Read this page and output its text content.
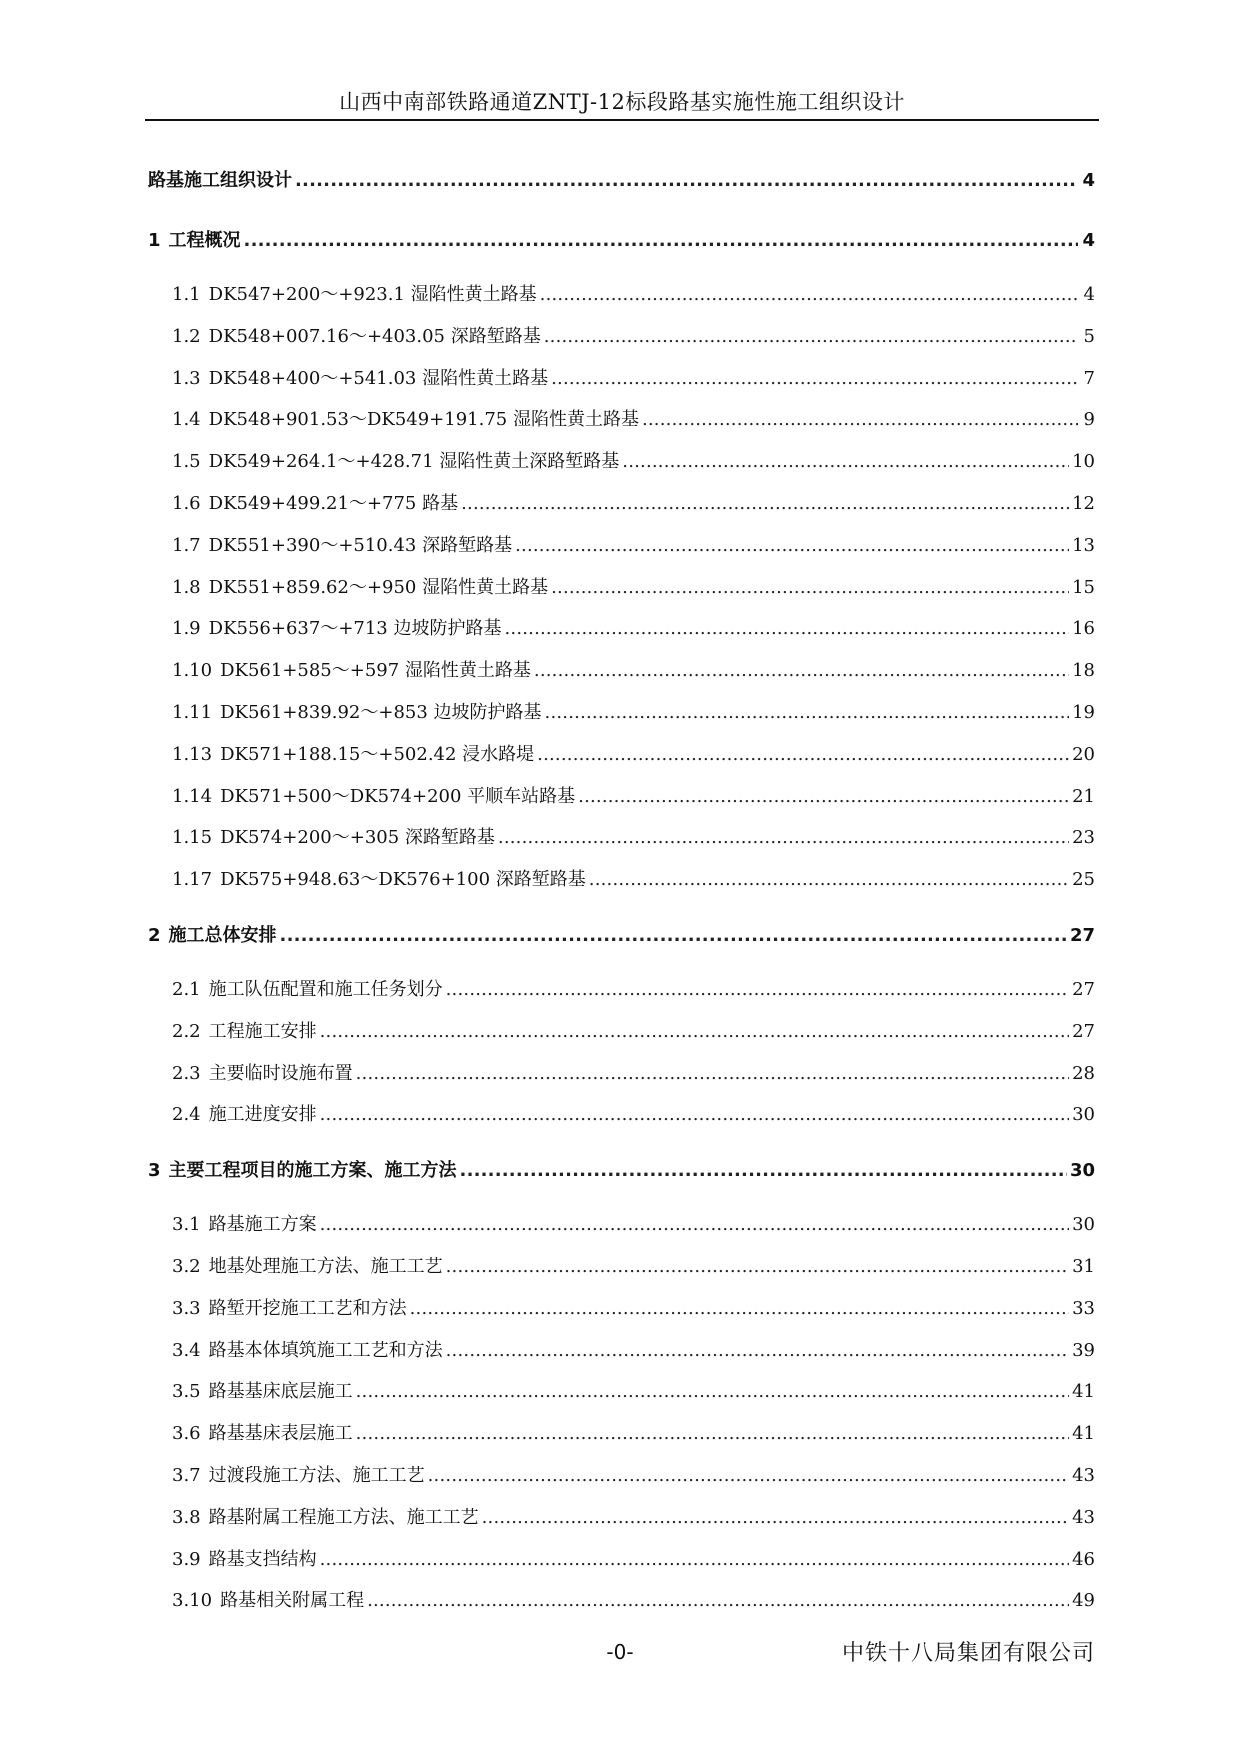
山西中南部铁路通道ZNTJ-12标段路基实施性施工组织设计
路基施工组织设计 .....	4
1 工程概况 .....	4
1.1 DK547+200～+923.1 湿陷性黄土路基 .....	4
1.2 DK548+007.16～+403.05 深路堑路基 .....	5
1.3 DK548+400～+541.03 湿陷性黄土路基 .....	7
1.4 DK548+901.53～DK549+191.75 湿陷性黄土路基 .....	9
1.5 DK549+264.1～+428.71 湿陷性黄土深路堑路基 .....	10
1.6 DK549+499.21～+775 路基 .....	12
1.7 DK551+390～+510.43 深路堑路基 .....	13
1.8 DK551+859.62～+950 湿陷性黄土路基 .....	15
1.9 DK556+637～+713 边坡防护路基 .....	16
1.10 DK561+585～+597 湿陷性黄土路基 .....	18
1.11 DK561+839.92～+853 边坡防护路基 .....	19
1.13 DK571+188.15～+502.42 浸水路堤 .....	20
1.14 DK571+500～DK574+200 平顺车站路基 .....	21
1.15 DK574+200～+305 深路堑路基 .....	23
1.17 DK575+948.63～DK576+100 深路堑路基 .....	25
2 施工总体安排 .....	27
2.1 施工队伍配置和施工任务划分 .....	27
2.2 工程施工安排 .....	27
2.3 主要临时设施布置 .....	28
2.4 施工进度安排 .....	30
3 主要工程项目的施工方案、施工方法 .....	30
3.1 路基施工方案 .....	30
3.2 地基处理施工方法、施工工艺 .....	31
3.3 路堑开挖施工工艺和方法 .....	33
3.4 路基本体填筑施工工艺和方法 .....	39
3.5 路基基床底层施工 .....	41
3.6 路基基床表层施工 .....	41
3.7 过渡段施工方法、施工工艺 .....	43
3.8 路基附属工程施工方法、施工工艺 .....	43
3.9 路基支挡结构 .....	46
3.10 路基相关附属工程 .....	49
-0-	中铁十八局集团有限公司
